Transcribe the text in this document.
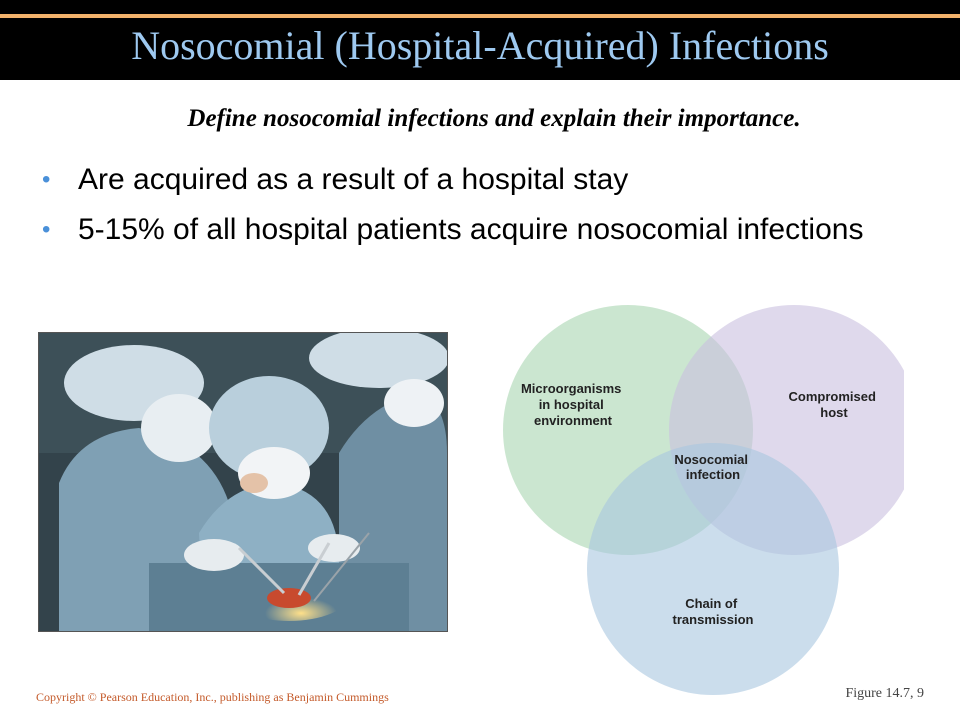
Nosocomial (Hospital-Acquired) Infections
Define nosocomial infections and explain their importance.
• Are acquired as a result of a hospital stay
• 5-15% of all hospital patients acquire nosocomial infections
Microorganisms in hospital environment
Compromised host
Chain of transmission
Nosocomial infection
Copyright © Pearson Education, Inc., publishing as Benjamin Cummings	Figure 14.7, 9
